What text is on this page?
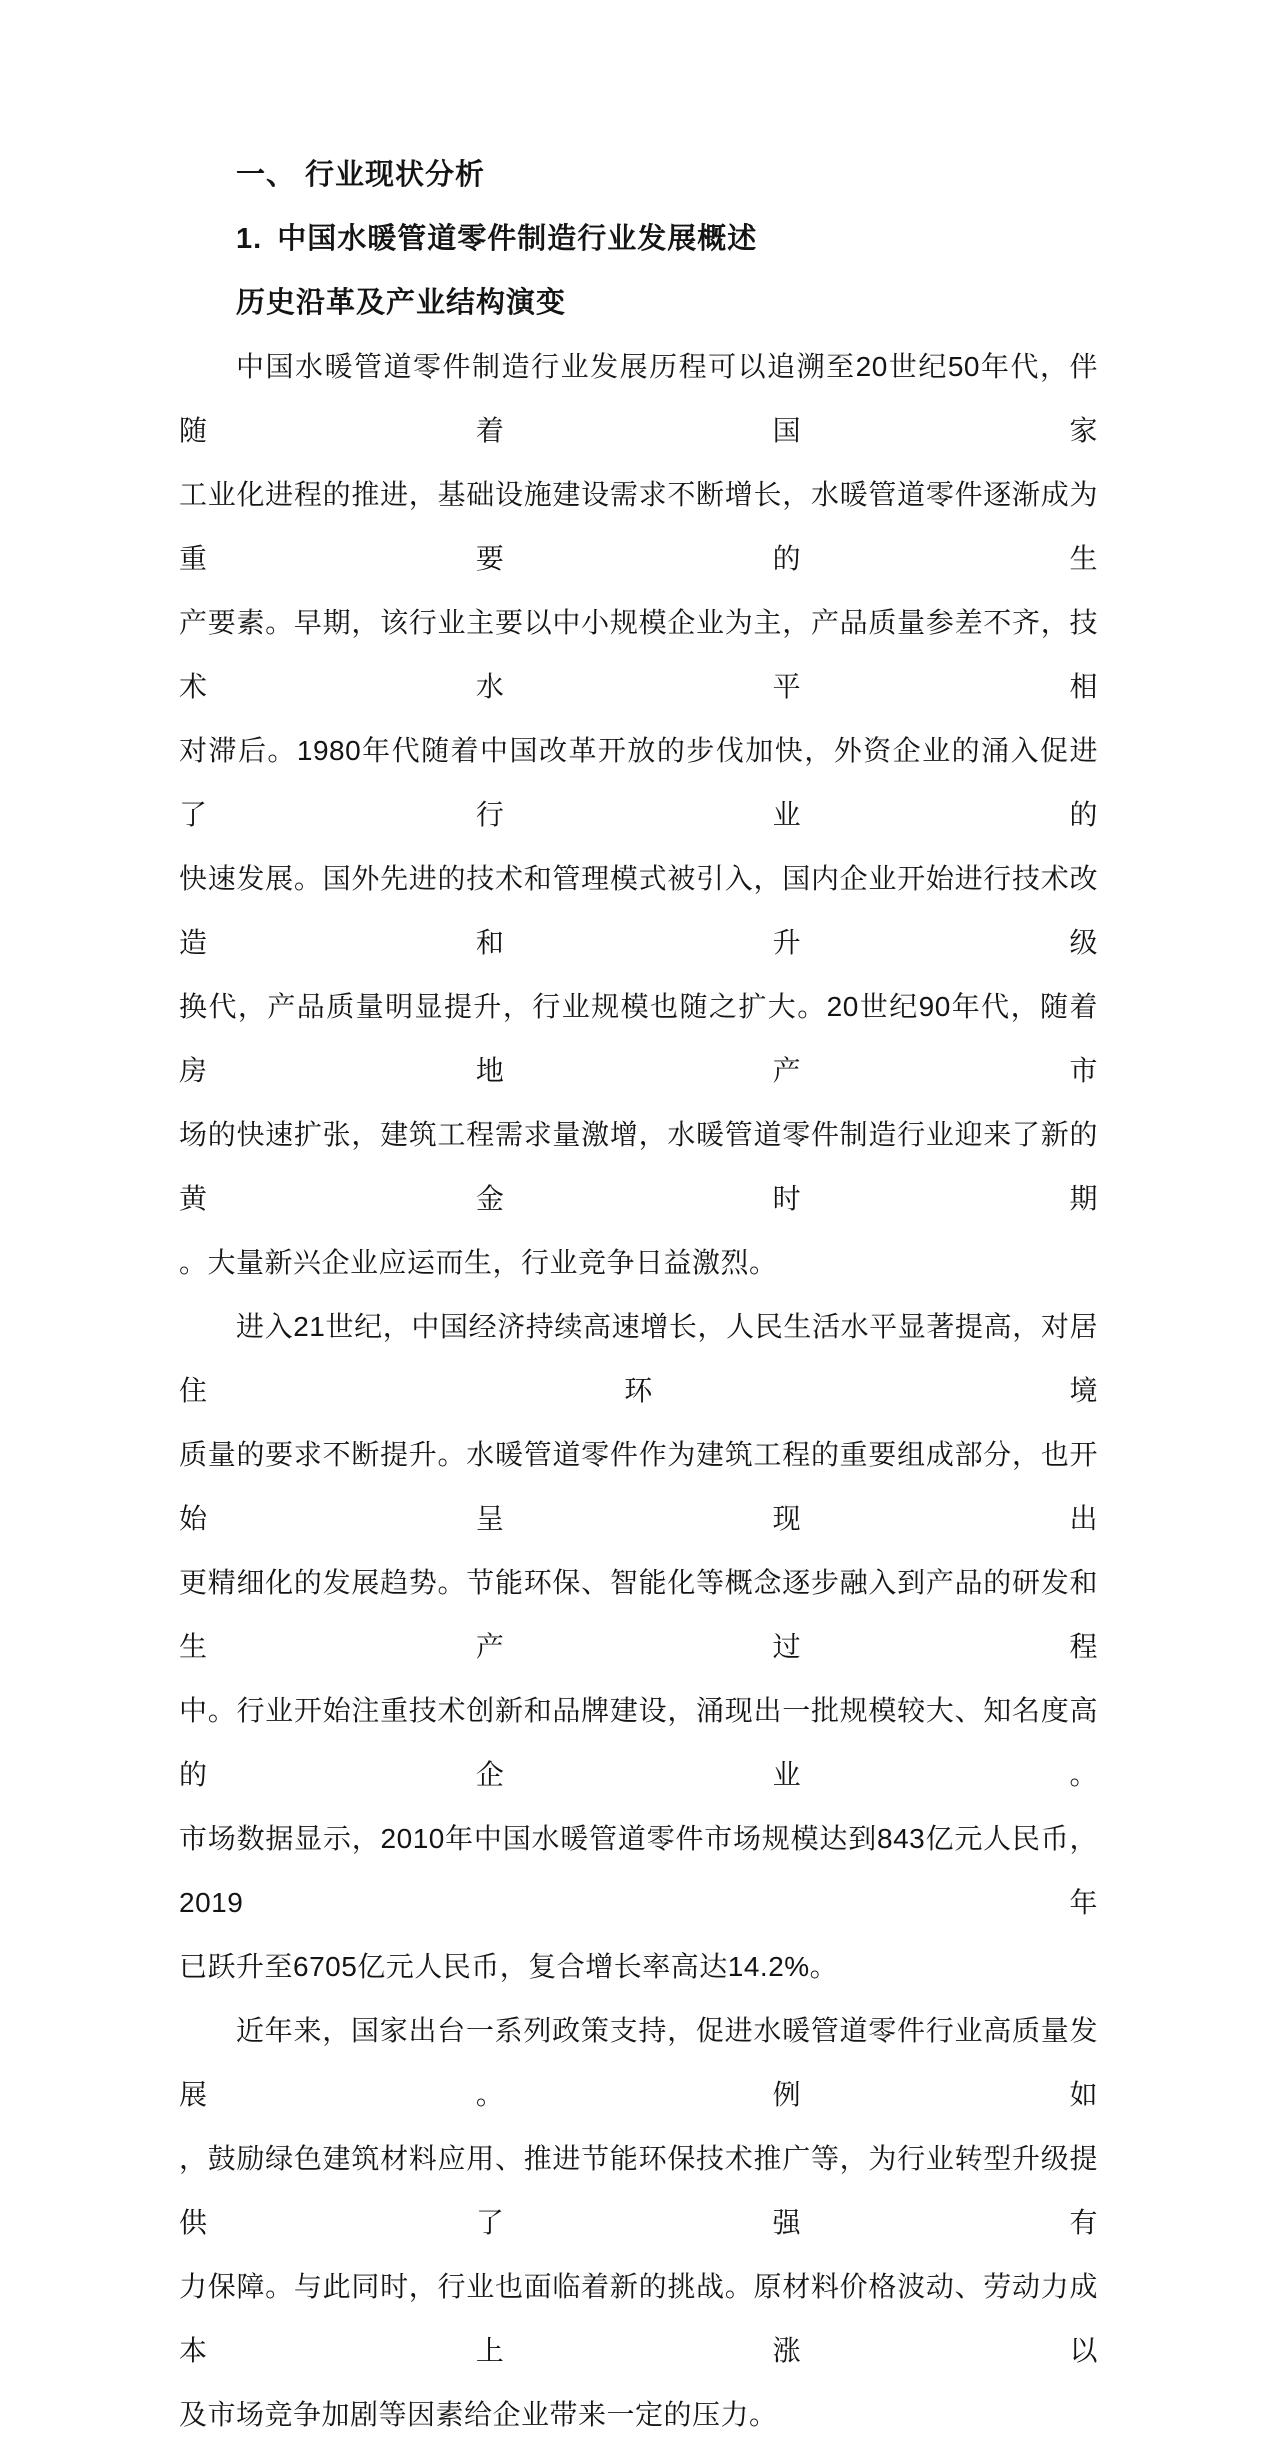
一、 行业现状分析
1. 中国水暖管道零件制造行业发展概述
历史沿革及产业结构演变
中国水暖管道零件制造行业发展历程可以追溯至20世纪50年代，伴随着国家
工业化进程的推进，基础设施建设需求不断增长，水暖管道零件逐渐成为重要的生
产要素。早期，该行业主要以中小规模企业为主，产品质量参差不齐，技术水平相
对滞后。1980年代随着中国改革开放的步伐加快，外资企业的涌入促进了行业的
快速发展。国外先进的技术和管理模式被引入，国内企业开始进行技术改造和升级
换代，产品质量明显提升，行业规模也随之扩大。20世纪90年代，随着房地产市
场的快速扩张，建筑工程需求量激增，水暖管道零件制造行业迎来了新的黄金时期
。大量新兴企业应运而生，行业竞争日益激烈。
进入21世纪，中国经济持续高速增长，人民生活水平显著提高，对居住环境
质量的要求不断提升。水暖管道零件作为建筑工程的重要组成部分，也开始呈现出
更精细化的发展趋势。节能环保、智能化等概念逐步融入到产品的研发和生产过程
中。行业开始注重技术创新和品牌建设，涌现出一批规模较大、知名度高的企业。
市场数据显示，2010年中国水暖管道零件市场规模达到843亿元人民币，2019年
已跃升至6705亿元人民币，复合增长率高达14.2%。
近年来，国家出台一系列政策支持，促进水暖管道零件行业高质量发展。例如
，鼓励绿色建筑材料应用、推进节能环保技术推广等，为行业转型升级提供了强有
力保障。与此同时，行业也面临着新的挑战。原材料价格波动、劳动力成本上涨以
及市场竞争加剧等因素给企业带来一定的压力。
